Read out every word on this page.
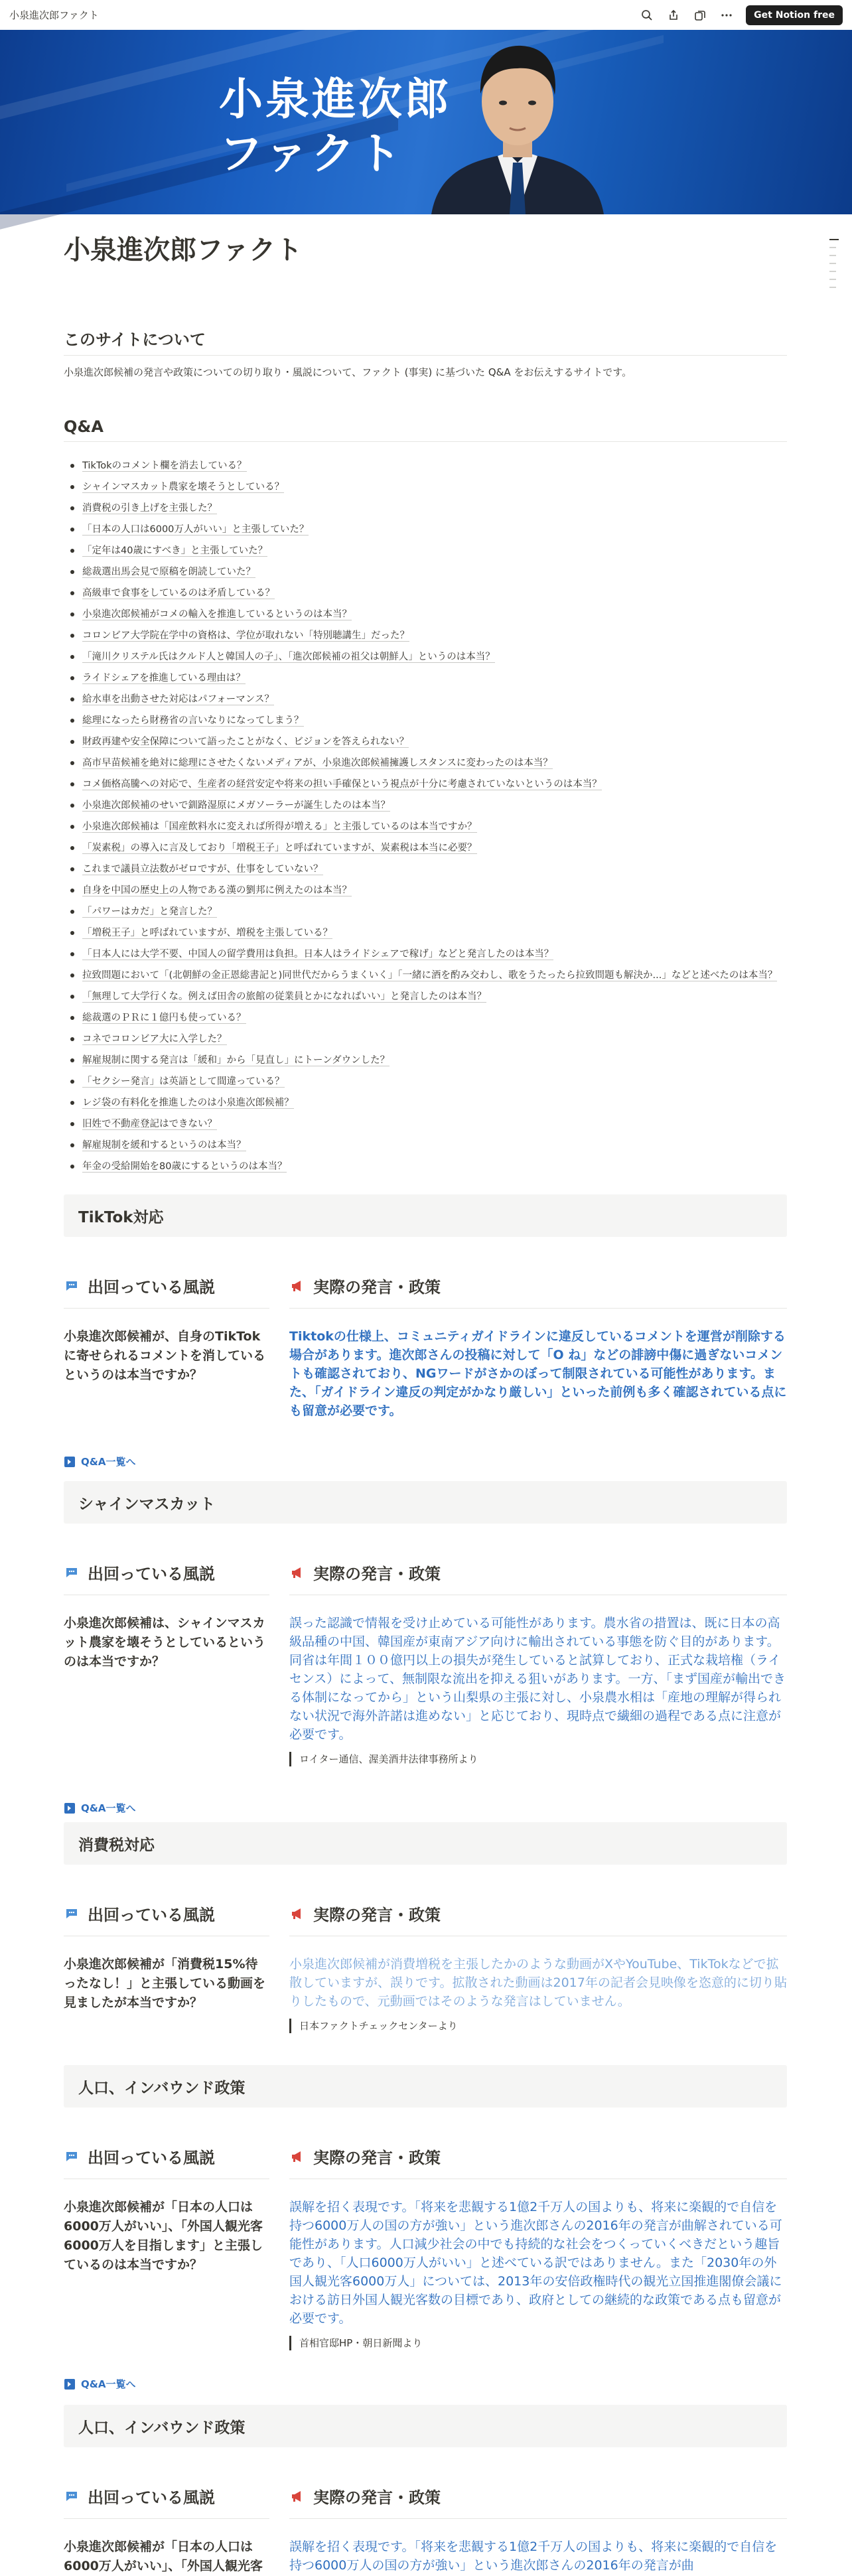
小泉進次郎ファクト	Get Notion free
小泉進次郎
ファクト
小泉進次郎ファクト
このサイトについて

小泉進次郎候補の発言や政策についての切り取り・風説について、ファクト (事実) に基づいた Q&A をお伝えするサイトです。

Q&A
TikTokのコメント欄を消去している？
シャインマスカット農家を壊そうとしている？
消費税の引き上げを主張した？
「日本の人口は6000万人がいい」と主張していた？
「定年は40歳にすべき」と主張していた？
総裁選出馬会見で原稿を朗読していた？
高級車で食事をしているのは矛盾している？
小泉進次郎候補がコメの輸入を推進しているというのは本当？
コロンビア大学院在学中の資格は、学位が取れない「特別聴講生」だった？
「滝川クリステル氏はクルド人と韓国人の子」、「進次郎候補の祖父は朝鮮人」というのは本当？
ライドシェアを推進している理由は？
給水車を出動させた対応はパフォーマンス？
総理になったら財務省の言いなりになってしまう？
財政再建や安全保障について語ったことがなく、ビジョンを答えられない？
高市早苗候補を絶対に総理にさせたくないメディアが、小泉進次郎候補擁護しスタンスに変わったのは本当？
コメ価格高騰への対応で、生産者の経営安定や将来の担い手確保という視点が十分に考慮されていないというのは本当？
小泉進次郎候補のせいで釧路湿原にメガソーラーが誕生したのは本当？
小泉進次郎候補は「国産飲料水に変えれば所得が増える」と主張しているのは本当ですか？
「炭素税」の導入に言及しており「増税王子」と呼ばれていますが、炭素税は本当に必要？
これまで議員立法数がゼロですが、仕事をしていない？
自身を中国の歴史上の人物である漢の劉邦に例えたのは本当？
「パワーはカだ」と発言した？
「増税王子」と呼ばれていますが、増税を主張している？
「日本人には大学不要、中国人の留学費用は負担。日本人はライドシェアで稼げ」などと発言したのは本当？
拉致問題において「(北朝鮮の金正恩総書記と)同世代だからうまくいく」「一緒に酒を酌み交わし、歌をうたったら拉致問題も解決か...」などと述べたのは本当？
「無理して大学行くな。例えば田舎の旅館の従業員とかになればいい」と発言したのは本当？
総裁選のＰＲに１億円も使っている？
コネでコロンビア大に入学した？
解雇規制に関する発言は「緩和」から「見直し」にトーンダウンした？
「セクシー発言」は英語として間違っている？
レジ袋の有料化を推進したのは小泉進次郎候補？
旧姓で不動産登記はできない？
解雇規制を緩和するというのは本当？
年金の受給開始を80歳にするというのは本当？
TikTok対応
出回っている風説
小泉進次郎候補が、自身のTikTokに寄せられるコメントを消しているというのは本当ですか？
実際の発言・政策
Tiktokの仕様上、コミュニティガイドラインに違反しているコメントを運営が削除する場合があります。進次郎さんの投稿に対して「O ね」などの誹謗中傷に過ぎないコメントも確認されており、NGワードがさかのぼって制限されている可能性があります。また、「ガイドライン違反の判定がかなり厳しい」といった前例も多く確認されている点にも留意が必要です。
Q&A一覧へ
シャインマスカット
出回っている風説
小泉進次郎候補は、シャインマスカット農家を壊そうとしているというのは本当ですか？
実際の発言・政策
誤った認識で情報を受け止めている可能性があります。農水省の措置は、既に日本の高級品種の中国、韓国産が東南アジア向けに輸出されている事態を防ぐ目的があります。 同省は年間１００億円以上の損失が発生していると試算しており、正式な栽培権（ライセンス）によって、無制限な流出を抑える狙いがあります。一方、「まず国産が輸出できる体制になってから」という山梨県の主張に対し、小泉農水相は「産地の理解が得られない状況で海外許諾は進めない」と応じており、現時点で繊細の過程である点に注意が必要です。
ロイター通信、渥美酒井法律事務所より
Q&A一覧へ
消費税対応
出回っている風説
小泉進次郎候補が「消費税15%待ったなし！」と主張している動画を見ましたが本当ですか？
実際の発言・政策
小泉進次郎候補が消費増税を主張したかのような動画がXやYouTube、TikTokなどで拡散していますが、誤りです。拡散された動画は2017年の記者会見映像を恣意的に切り貼りしたもので、元動画ではそのような発言はしていません。
日本ファクトチェックセンターより
人口、インバウンド政策
出回っている風説
小泉進次郎候補が「日本の人口は6000万人がいい」、「外国人観光客6000万人を目指します」と主張しているのは本当ですか？
実際の発言・政策
誤解を招く表現です。「将来を悲観する1億2千万人の国よりも、将来に楽観的で自信を持つ6000万人の国の方が強い」という進次郎さんの2016年の発言が曲解されている可能性があります。人口減少社会の中でも持続的な社会をつくっていくべきだという趣旨であり、「人口6000万人がいい」と述べている訳ではありません。また「2030年の外国人観光客6000万人」については、2013年の安倍政権時代の観光立国推進閣僚会議における訪日外国人観光客数の目標であり、政府としての継続的な政策である点も留意が必要です。
首相官邸HP・朝日新聞より
Q&A一覧へ
人口、インバウンド政策
出回っている風説
小泉進次郎候補が「日本の人口は6000万人がいい」、「外国人観光客
実際の発言・政策
誤解を招く表現です。「将来を悲観する1億2千万人の国よりも、将来に楽観的で自信を持つ6000万人の国の方が強い」という進次郎さんの2016年の発言が曲
